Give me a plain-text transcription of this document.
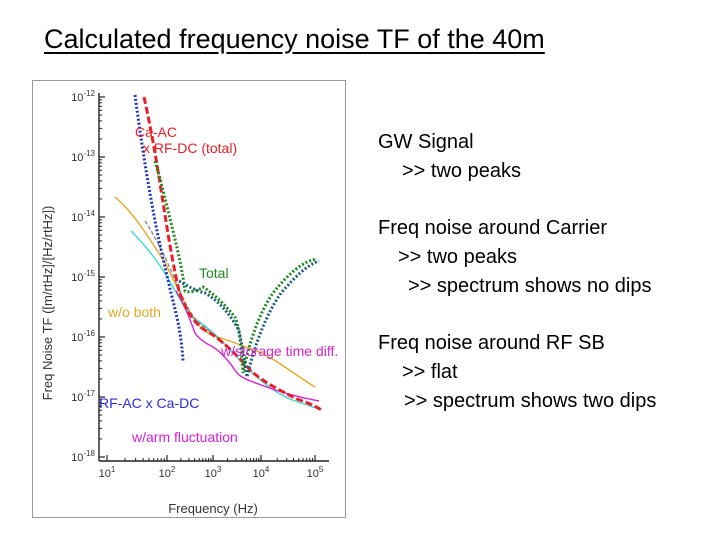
Calculated frequency noise TF of the 40m
$10^{-12}$
$10^{-13}$
$10^{-14}$
$10^{-15}$
$10^{-16}$
$10^{-17}$
$10^{-18}$
$10^1$	$10^2$	$10^3$	$10^4$	$10^5$
Ca-AC
x RF-DC (total)
Total
w/o both
w/storage time diff.
RF-AC x Ca-DC
w/arm fluctuation
Frequency (Hz)
Freq Noise TF ([m/rtHz]/[Hz/rtHz])
GW Signal
>> two peaks
Freq noise around Carrier
>> two peaks
>> spectrum shows no dips
Freq noise around RF SB
>> flat
>> spectrum shows two dips
